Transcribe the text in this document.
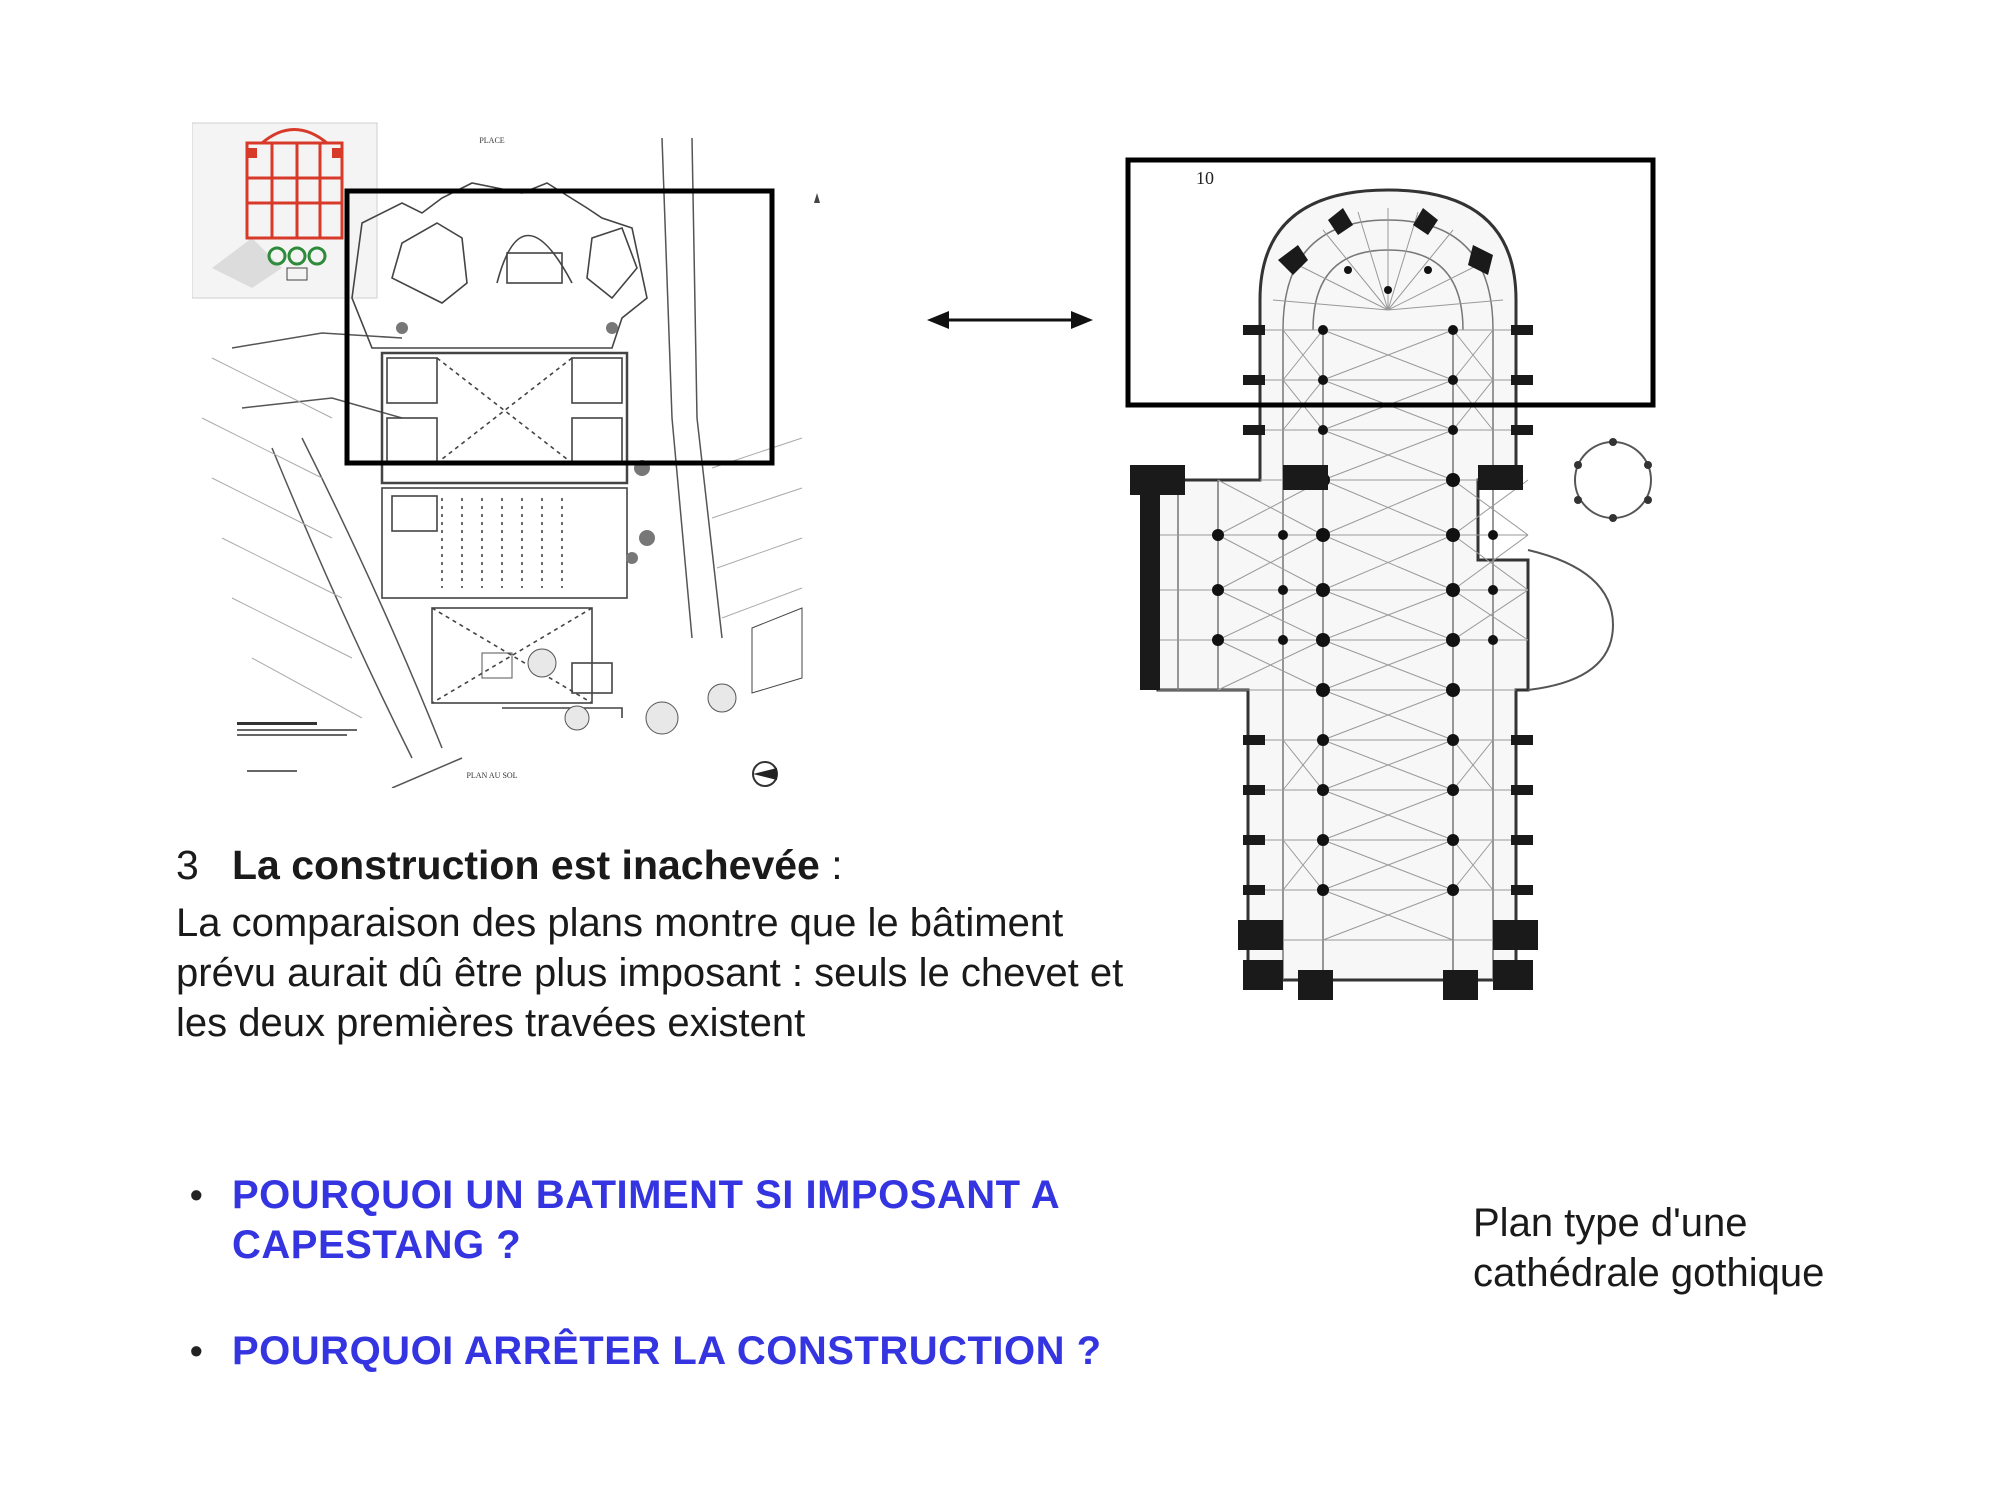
PLACE
PLAN AU SOL
10
3 La construction est inachevée :
La comparaison des plans montre que le bâtiment prévu aurait dû être plus imposant : seuls le chevet et les deux premières travées existent
• POURQUOI UN BATIMENT SI IMPOSANT A CAPESTANG ?
• POURQUOI ARRÊTER LA CONSTRUCTION ?
Plan type d'une cathédrale gothique
